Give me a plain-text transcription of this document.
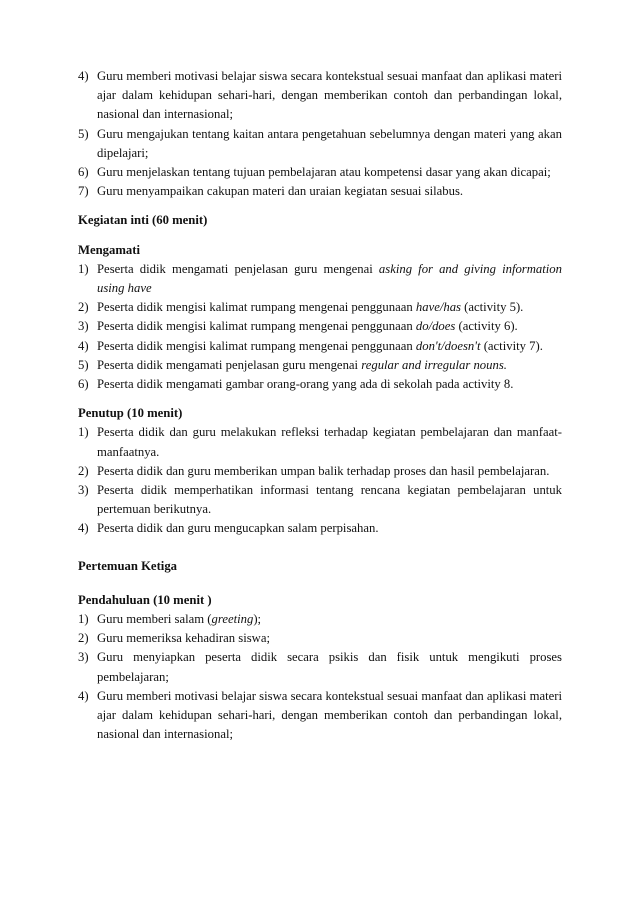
4) Guru memberi motivasi belajar siswa secara kontekstual sesuai manfaat dan aplikasi materi ajar dalam kehidupan sehari-hari, dengan memberikan contoh dan perbandingan lokal, nasional dan internasional;
5) Guru mengajukan tentang kaitan antara pengetahuan sebelumnya dengan materi yang akan dipelajari;
6) Guru menjelaskan tentang tujuan pembelajaran atau kompetensi dasar yang akan dicapai;
7) Guru menyampaikan cakupan materi dan uraian kegiatan sesuai silabus.
Kegiatan inti (60 menit)
Mengamati
1) Peserta didik mengamati penjelasan guru mengenai asking for and giving information using have
2) Peserta didik mengisi kalimat rumpang mengenai penggunaan have/has (activity 5).
3) Peserta didik mengisi kalimat rumpang mengenai penggunaan do/does (activity 6).
4) Peserta didik mengisi kalimat rumpang mengenai penggunaan don't/doesn't (activity 7).
5) Peserta didik mengamati penjelasan guru mengenai regular and irregular nouns.
6) Peserta didik mengamati gambar orang-orang yang ada di sekolah pada activity 8.
Penutup (10 menit)
1) Peserta didik dan guru melakukan refleksi terhadap kegiatan pembelajaran dan manfaat-manfaatnya.
2) Peserta didik dan guru memberikan umpan balik terhadap proses dan hasil pembelajaran.
3) Peserta didik memperhatikan informasi tentang rencana kegiatan pembelajaran untuk pertemuan berikutnya.
4) Peserta didik dan guru mengucapkan salam perpisahan.
Pertemuan Ketiga
Pendahuluan (10 menit )
1) Guru memberi salam (greeting);
2) Guru memeriksa kehadiran siswa;
3) Guru menyiapkan peserta didik secara psikis dan fisik untuk mengikuti proses pembelajaran;
4) Guru memberi motivasi belajar siswa secara kontekstual sesuai manfaat dan aplikasi materi ajar dalam kehidupan sehari-hari, dengan memberikan contoh dan perbandingan lokal, nasional dan internasional;
